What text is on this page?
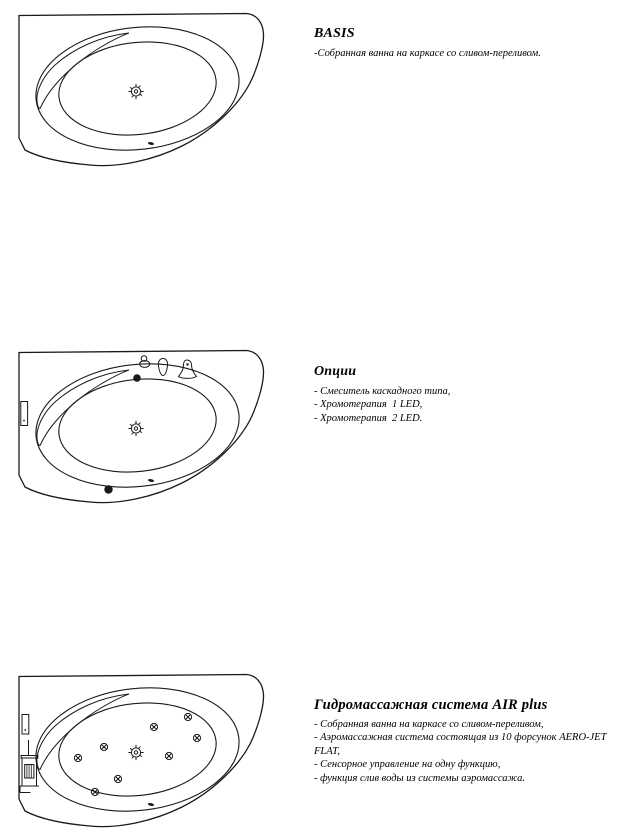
BASIS

-Собранная ванна на каркасе со сливом-переливом.

Опции

- Смеситель каскадного типа,

- Хромотерапия  1 LED,

- Хромотерапия  2 LED.

Гидромассажная система AIR plus

- Собранная ванна на каркасе со сливом-переливом,

- Аэромассажная система состоящая из 10 форсунок AERO-JET FLAT,

- Сенсорное управление на одну функцию,

- функция слив воды из системы аэромассажа.
